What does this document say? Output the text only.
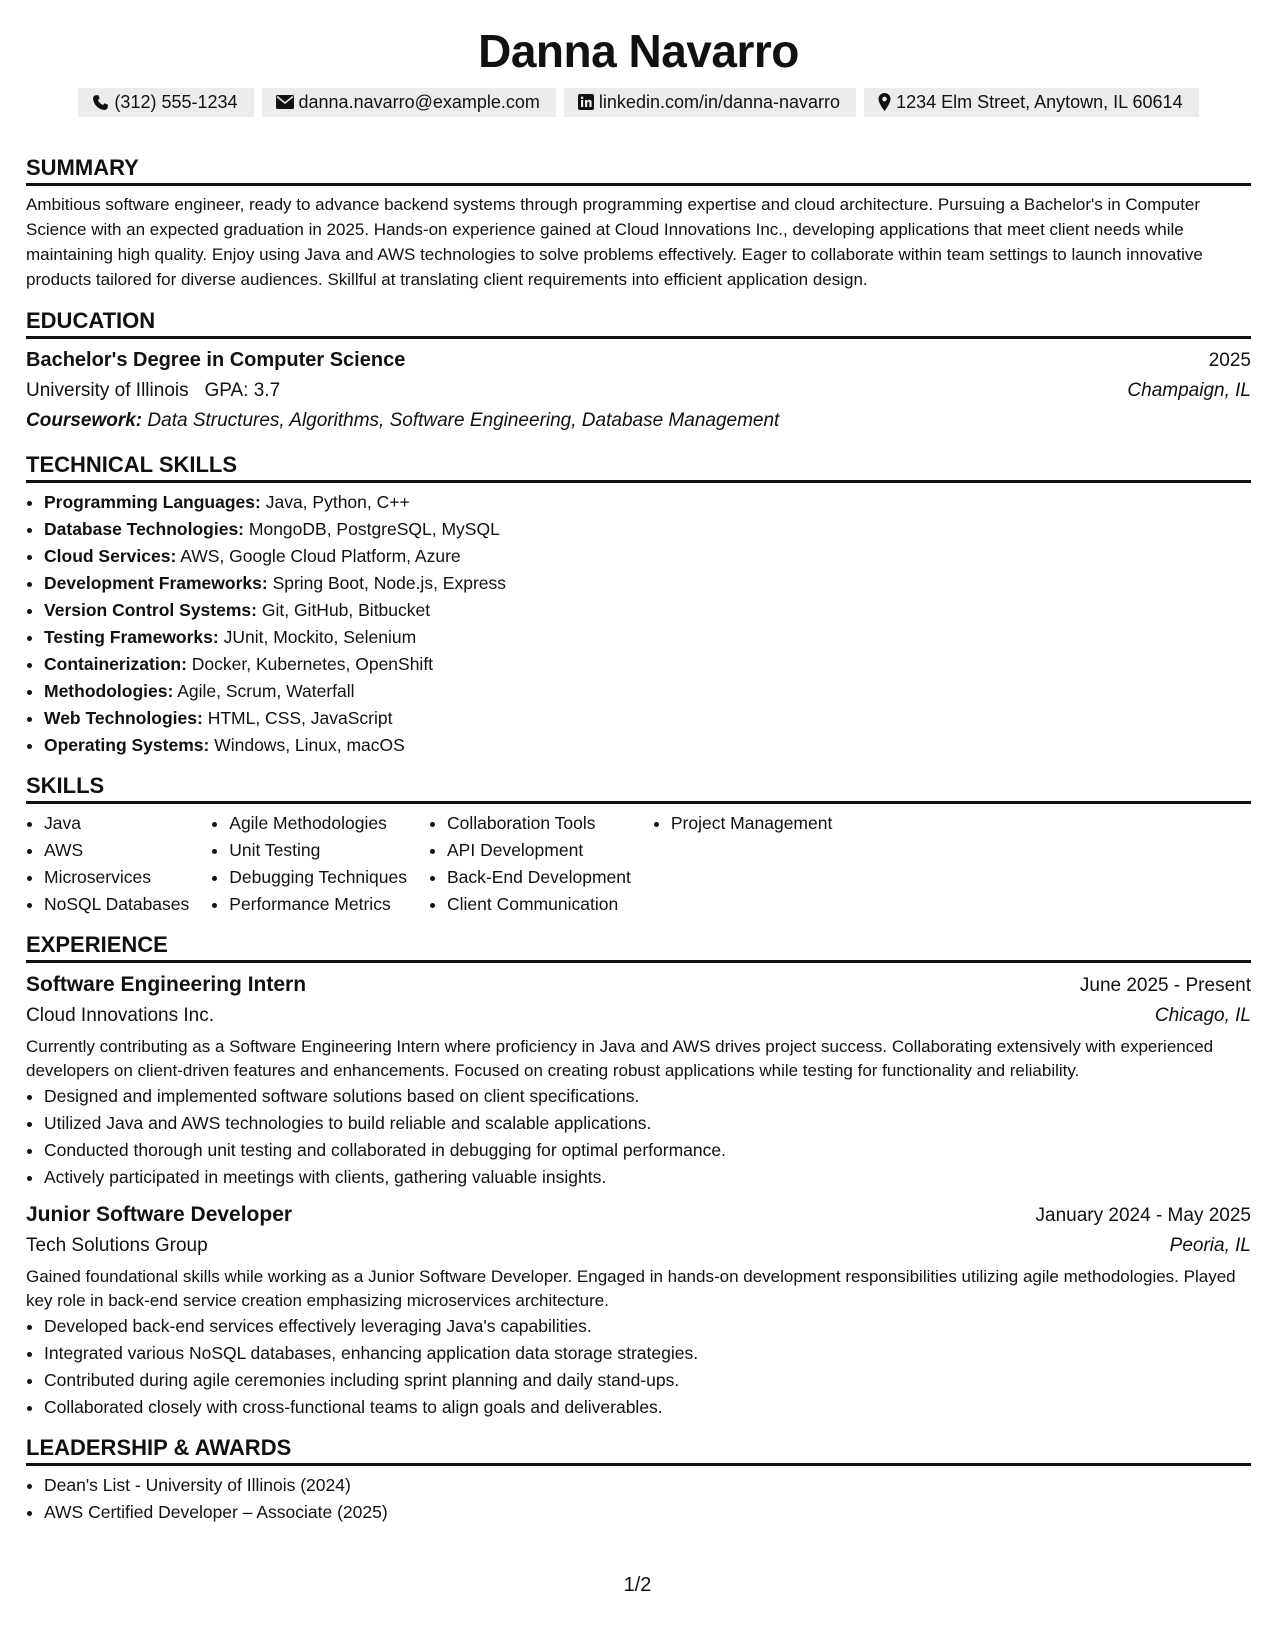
Danna Navarro
(312) 555-1234	danna.navarro@example.com	linkedin.com/in/danna-navarro	1234 Elm Street, Anytown, IL 60614
SUMMARY
Ambitious software engineer, ready to advance backend systems through programming expertise and cloud architecture. Pursuing a Bachelor's in Computer Science with an expected graduation in 2025. Hands-on experience gained at Cloud Innovations Inc., developing applications that meet client needs while maintaining high quality. Enjoy using Java and AWS technologies to solve problems effectively. Eager to collaborate within team settings to launch innovative products tailored for diverse audiences. Skillful at translating client requirements into efficient application design.
EDUCATION
Bachelor's Degree in Computer Science	2025
University of Illinois GPA: 3.7	Champaign, IL
Coursework: Data Structures, Algorithms, Software Engineering, Database Management
TECHNICAL SKILLS
• Programming Languages: Java, Python, C++
• Database Technologies: MongoDB, PostgreSQL, MySQL
• Cloud Services: AWS, Google Cloud Platform, Azure
• Development Frameworks: Spring Boot, Node.js, Express
• Version Control Systems: Git, GitHub, Bitbucket
• Testing Frameworks: JUnit, Mockito, Selenium
• Containerization: Docker, Kubernetes, OpenShift
• Methodologies: Agile, Scrum, Waterfall
• Web Technologies: HTML, CSS, JavaScript
• Operating Systems: Windows, Linux, macOS
SKILLS
• Java
• AWS
• Microservices
• NoSQL Databases
• Agile Methodologies
• Unit Testing
• Debugging Techniques
• Performance Metrics
• Collaboration Tools
• API Development
• Back-End Development
• Client Communication
• Project Management
EXPERIENCE
Software Engineering Intern	June 2025 - Present
Cloud Innovations Inc.	Chicago, IL
Currently contributing as a Software Engineering Intern where proficiency in Java and AWS drives project success. Collaborating extensively with experienced developers on client-driven features and enhancements. Focused on creating robust applications while testing for functionality and reliability.
• Designed and implemented software solutions based on client specifications.
• Utilized Java and AWS technologies to build reliable and scalable applications.
• Conducted thorough unit testing and collaborated in debugging for optimal performance.
• Actively participated in meetings with clients, gathering valuable insights.
Junior Software Developer	January 2024 - May 2025
Tech Solutions Group	Peoria, IL
Gained foundational skills while working as a Junior Software Developer. Engaged in hands-on development responsibilities utilizing agile methodologies. Played key role in back-end service creation emphasizing microservices architecture.
• Developed back-end services effectively leveraging Java's capabilities.
• Integrated various NoSQL databases, enhancing application data storage strategies.
• Contributed during agile ceremonies including sprint planning and daily stand-ups.
• Collaborated closely with cross-functional teams to align goals and deliverables.
LEADERSHIP & AWARDS
• Dean's List - University of Illinois (2024)
• AWS Certified Developer – Associate (2025)
1/2
